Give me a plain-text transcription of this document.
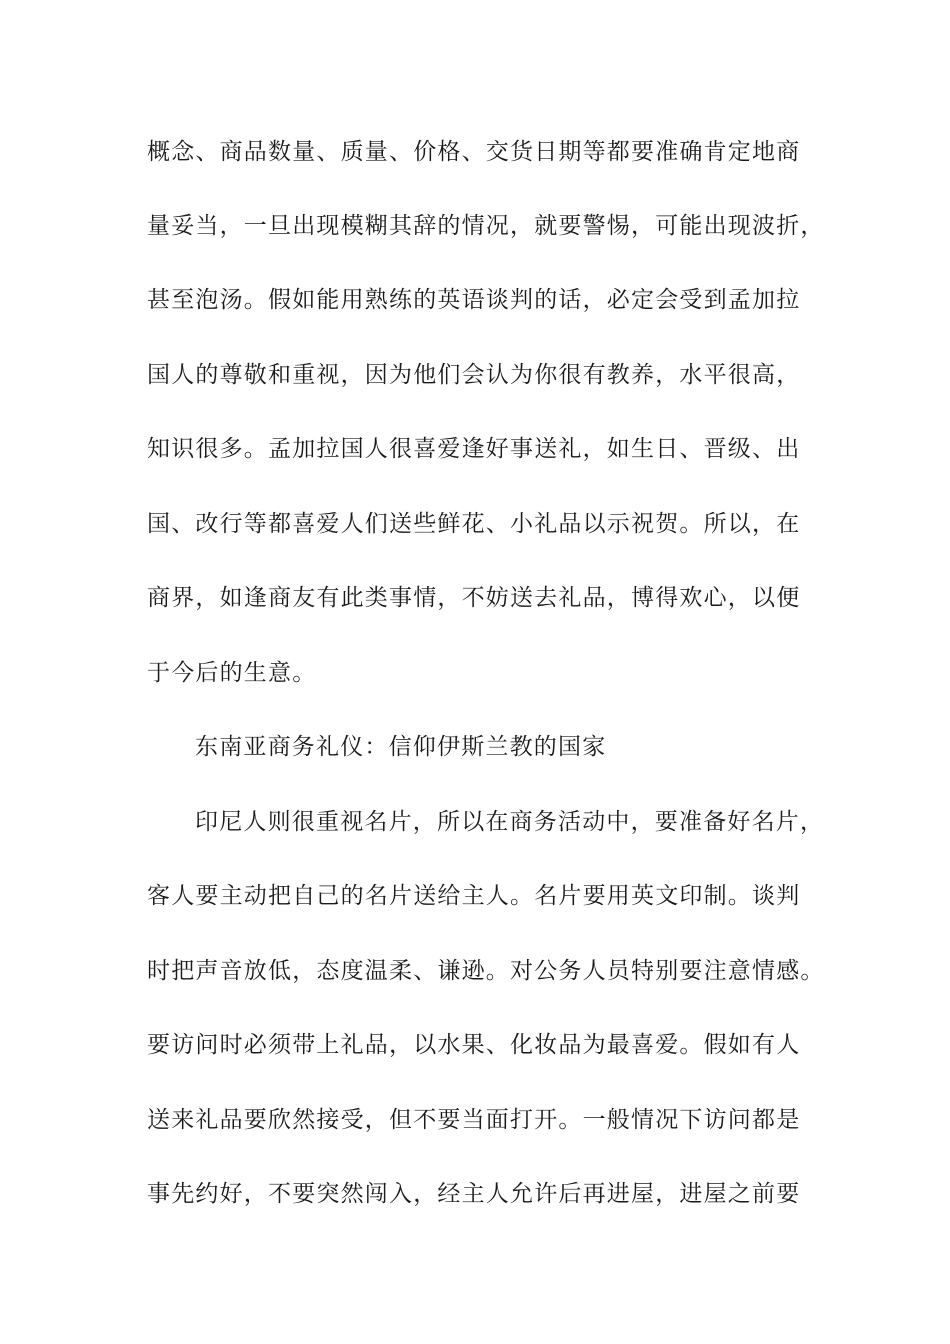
概念、商品数量、质量、价格、交货日期等都要准确肯定地商
量妥当，一旦出现模糊其辞的情况，就要警惕，可能出现波折，
甚至泡汤。假如能用熟练的英语谈判的话，必定会受到孟加拉
国人的尊敬和重视，因为他们会认为你很有教养，水平很高，
知识很多。孟加拉国人很喜爱逢好事送礼，如生日、晋级、出
国、改行等都喜爱人们送些鲜花、小礼品以示祝贺。所以，在
商界，如逢商友有此类事情，不妨送去礼品，博得欢心，以便
于今后的生意。
东南亚商务礼仪：信仰伊斯兰教的国家
印尼人则很重视名片，所以在商务活动中，要准备好名片，
客人要主动把自己的名片送给主人。名片要用英文印制。谈判
时把声音放低，态度温柔、谦逊。对公务人员特别要注意情感。
要访问时必须带上礼品，以水果、化妆品为最喜爱。假如有人
送来礼品要欣然接受，但不要当面打开。一般情况下访问都是
事先约好，不要突然闯入，经主人允许后再进屋，进屋之前要
